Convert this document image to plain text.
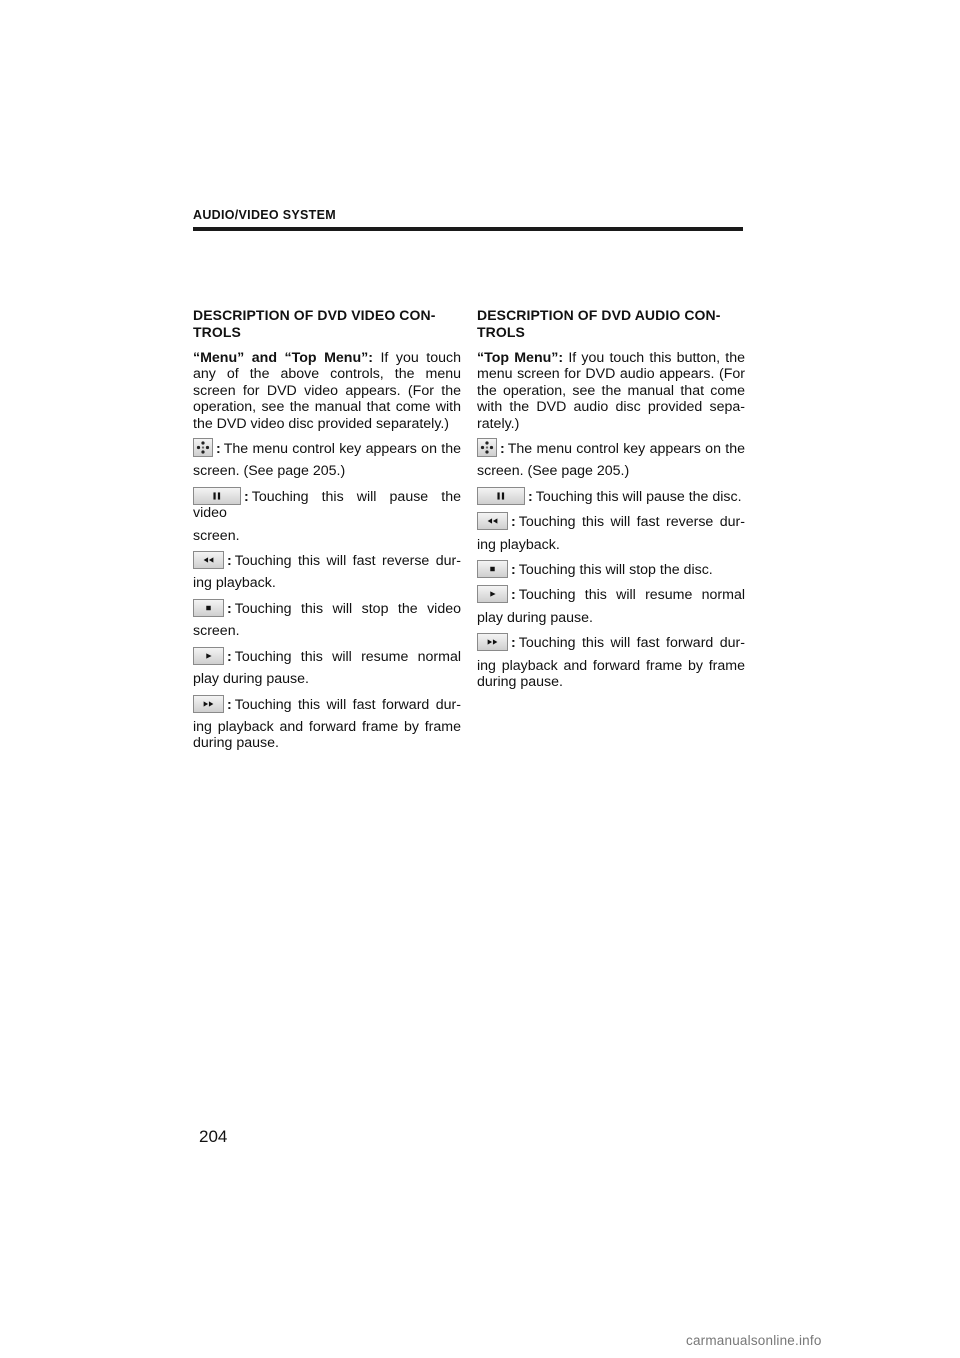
AUDIO/VIDEO SYSTEM
DESCRIPTION OF DVD VIDEO CON-
TROLS
“Menu” and “Top Menu”: If you touch any of the above controls, the menu screen for DVD video appears. (For the operation, see the manual that come with the DVD video disc provided separately.)
: The menu control key appears on the
screen. (See page 205.)
: Touching this will pause the video
screen.
: Touching this will fast reverse dur-
ing playback.
: Touching this will stop the video
screen.
: Touching this will resume normal
play during pause.
: Touching this will fast forward dur-
ing playback and forward frame by frame during pause.
DESCRIPTION OF DVD AUDIO CON-
TROLS
“Top Menu”: If you touch this button, the menu screen for DVD audio appears. (For the operation, see the manual that come with the DVD audio disc provided sepa-rately.)
: The menu control key appears on the
screen. (See page 205.)
: Touching this will pause the disc.
: Touching this will fast reverse dur-
ing playback.
: Touching this will stop the disc.
: Touching this will resume normal
play during pause.
: Touching this will fast forward dur-
ing playback and forward frame by frame during pause.
204
carmanualsonline.info
